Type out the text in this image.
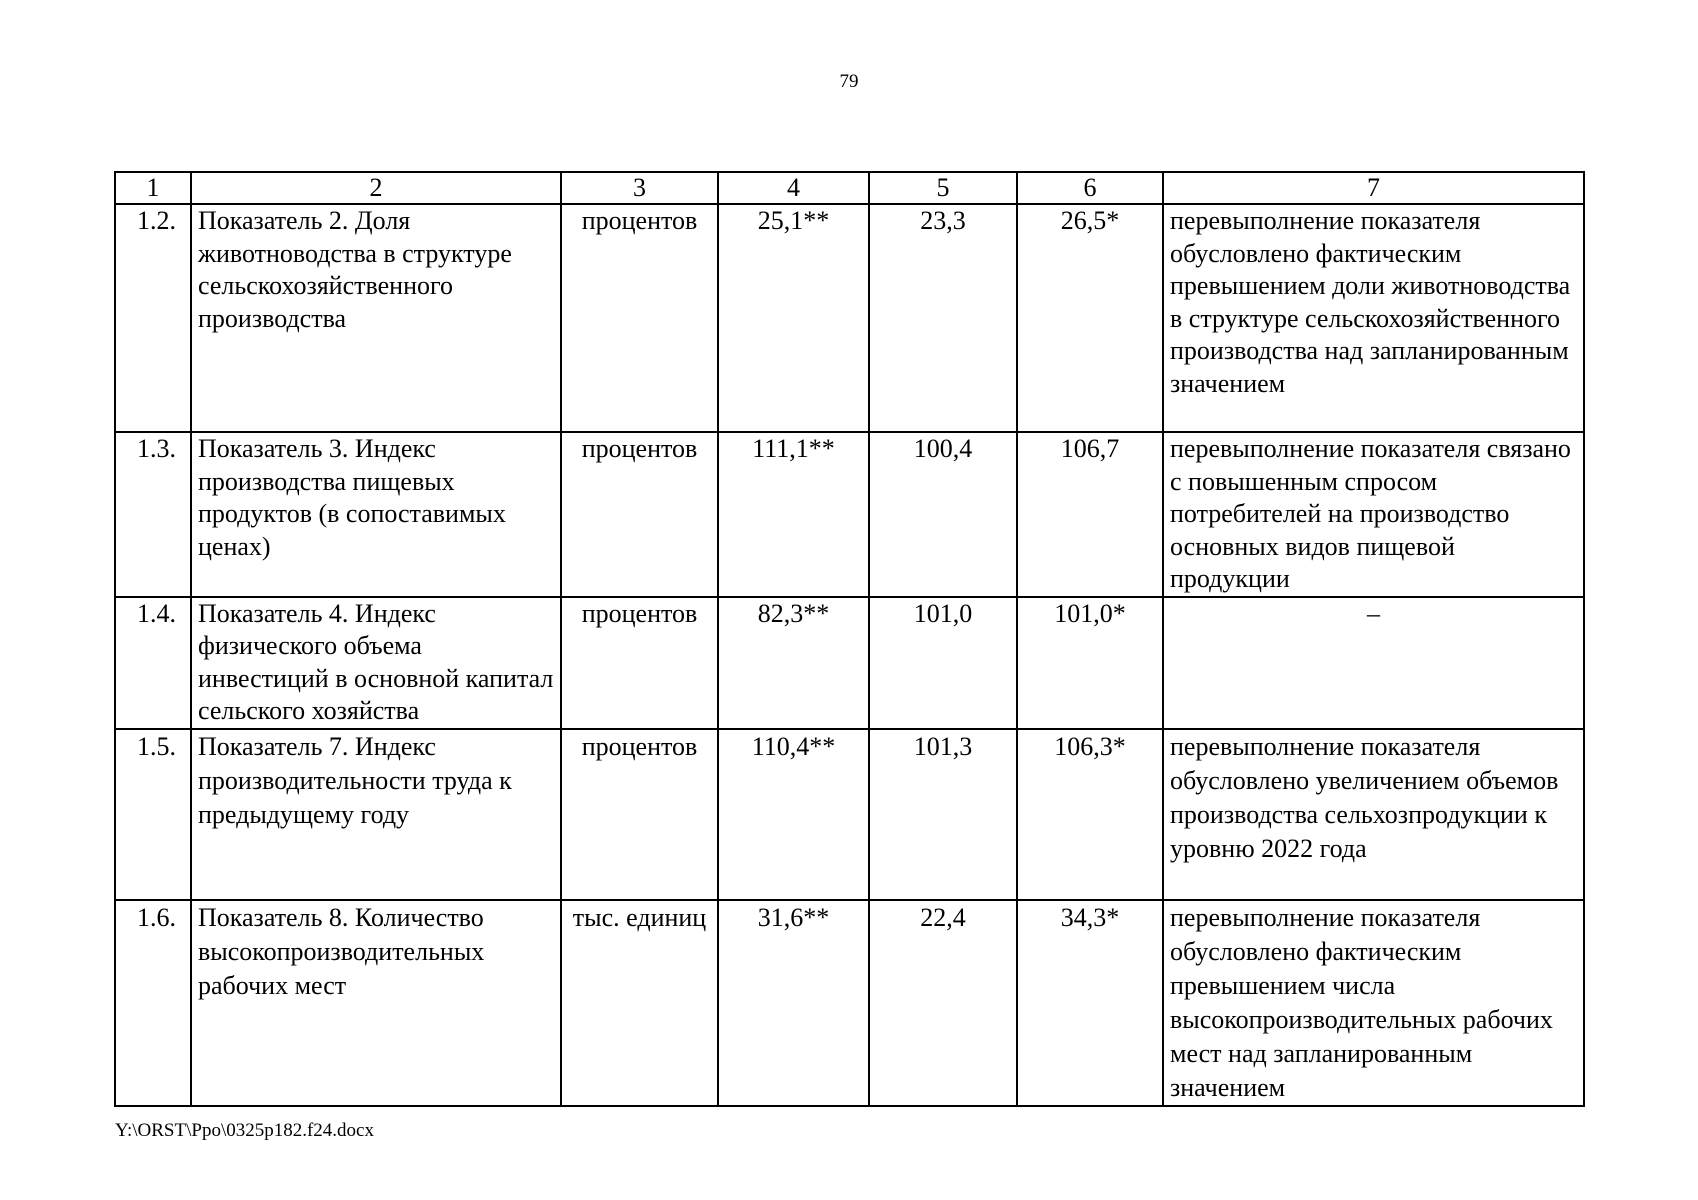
79
1	2	3	4	5	6	7
1.2.	Показатель 2. Доля животноводства в структуре сельскохозяйственного производства	процентов	25,1**	23,3	26,5*	перевыполнение показателя обусловлено фактическим превышением доли животноводства в структуре сельскохозяйственного производства над запланированным значением
1.3.	Показатель 3. Индекс производства пищевых продуктов (в сопоставимых ценах)	процентов	111,1**	100,4	106,7	перевыполнение показателя связано с повышенным спросом потребителей на производство основных видов пищевой продукции
1.4.	Показатель 4. Индекс физического объема инвестиций в основной капитал сельского хозяйства	процентов	82,3**	101,0	101,0*	–
1.5.	Показатель 7. Индекс производительности труда к предыдущему году	процентов	110,4**	101,3	106,3*	перевыполнение показателя обусловлено увеличением объемов производства сельхозпродукции к уровню 2022 года
1.6.	Показатель 8. Количество высокопроизводительных рабочих мест	тыс. единиц	31,6**	22,4	34,3*	перевыполнение показателя обусловлено фактическим превышением числа высокопроизводительных рабочих мест над запланированным значением
Y:\ORST\Ppo\0325p182.f24.docx
